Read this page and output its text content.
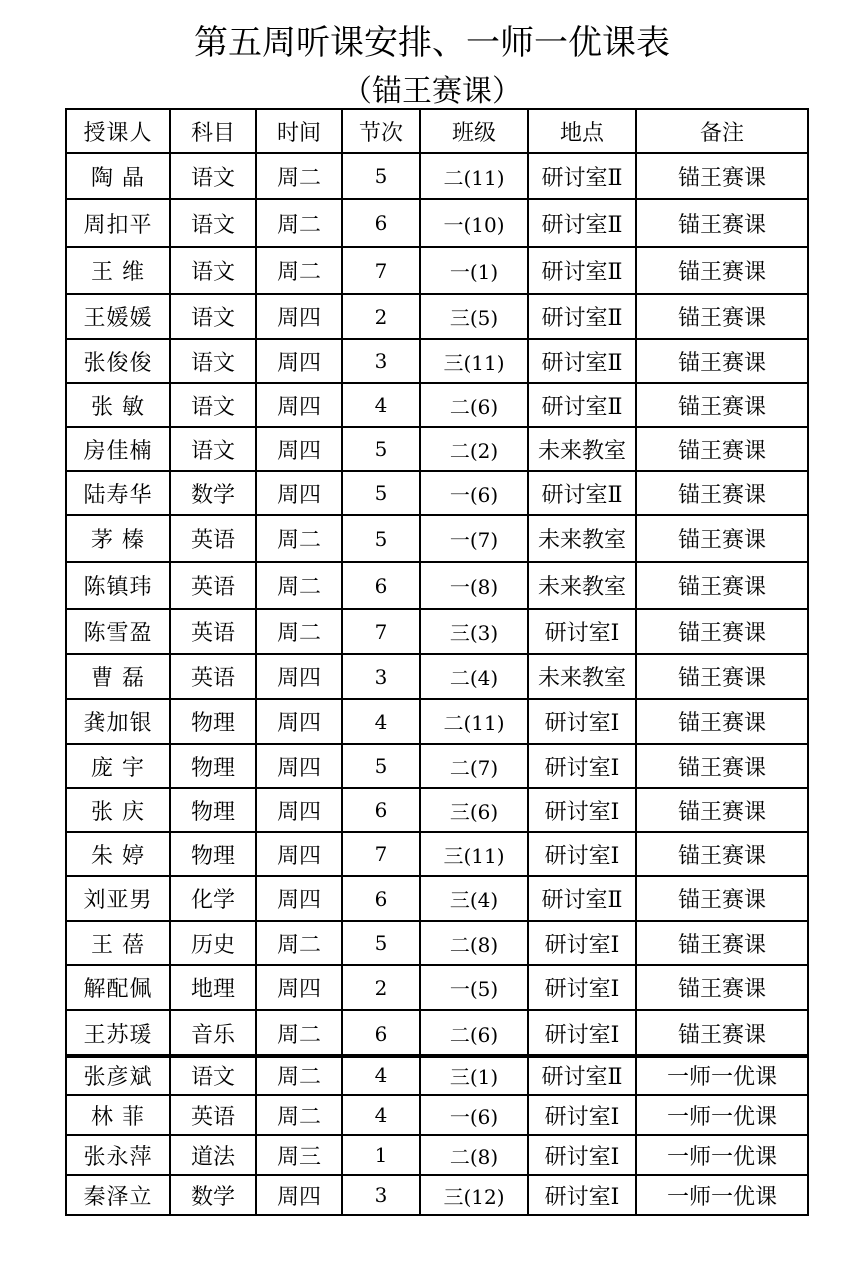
第五周听课安排、一师一优课表
（锚王赛课）
授课人	科目	时间	节次	班级	地点	备注
陶 晶	语文	周二	5	二(11)	研讨室Ⅱ	锚王赛课
周扣平	语文	周二	6	一(10)	研讨室Ⅱ	锚王赛课
王 维	语文	周二	7	一(1)	研讨室Ⅱ	锚王赛课
王媛媛	语文	周四	2	三(5)	研讨室Ⅱ	锚王赛课
张俊俊	语文	周四	3	三(11)	研讨室Ⅱ	锚王赛课
张 敏	语文	周四	4	二(6)	研讨室Ⅱ	锚王赛课
房佳楠	语文	周四	5	二(2)	未来教室	锚王赛课
陆寿华	数学	周四	5	一(6)	研讨室Ⅱ	锚王赛课
茅 榛	英语	周二	5	一(7)	未来教室	锚王赛课
陈镇玮	英语	周二	6	一(8)	未来教室	锚王赛课
陈雪盈	英语	周二	7	三(3)	研讨室I	锚王赛课
曹 磊	英语	周四	3	二(4)	未来教室	锚王赛课
龚加银	物理	周四	4	二(11)	研讨室I	锚王赛课
庞 宇	物理	周四	5	二(7)	研讨室I	锚王赛课
张 庆	物理	周四	6	三(6)	研讨室I	锚王赛课
朱 婷	物理	周四	7	三(11)	研讨室I	锚王赛课
刘亚男	化学	周四	6	三(4)	研讨室Ⅱ	锚王赛课
王 蓓	历史	周二	5	二(8)	研讨室I	锚王赛课
解配佩	地理	周四	2	一(5)	研讨室I	锚王赛课
王苏瑗	音乐	周二	6	二(6)	研讨室I	锚王赛课
张彦斌	语文	周二	4	三(1)	研讨室Ⅱ	一师一优课
林 菲	英语	周二	4	一(6)	研讨室I	一师一优课
张永萍	道法	周三	1	二(8)	研讨室I	一师一优课
秦泽立	数学	周四	3	三(12)	研讨室I	一师一优课
